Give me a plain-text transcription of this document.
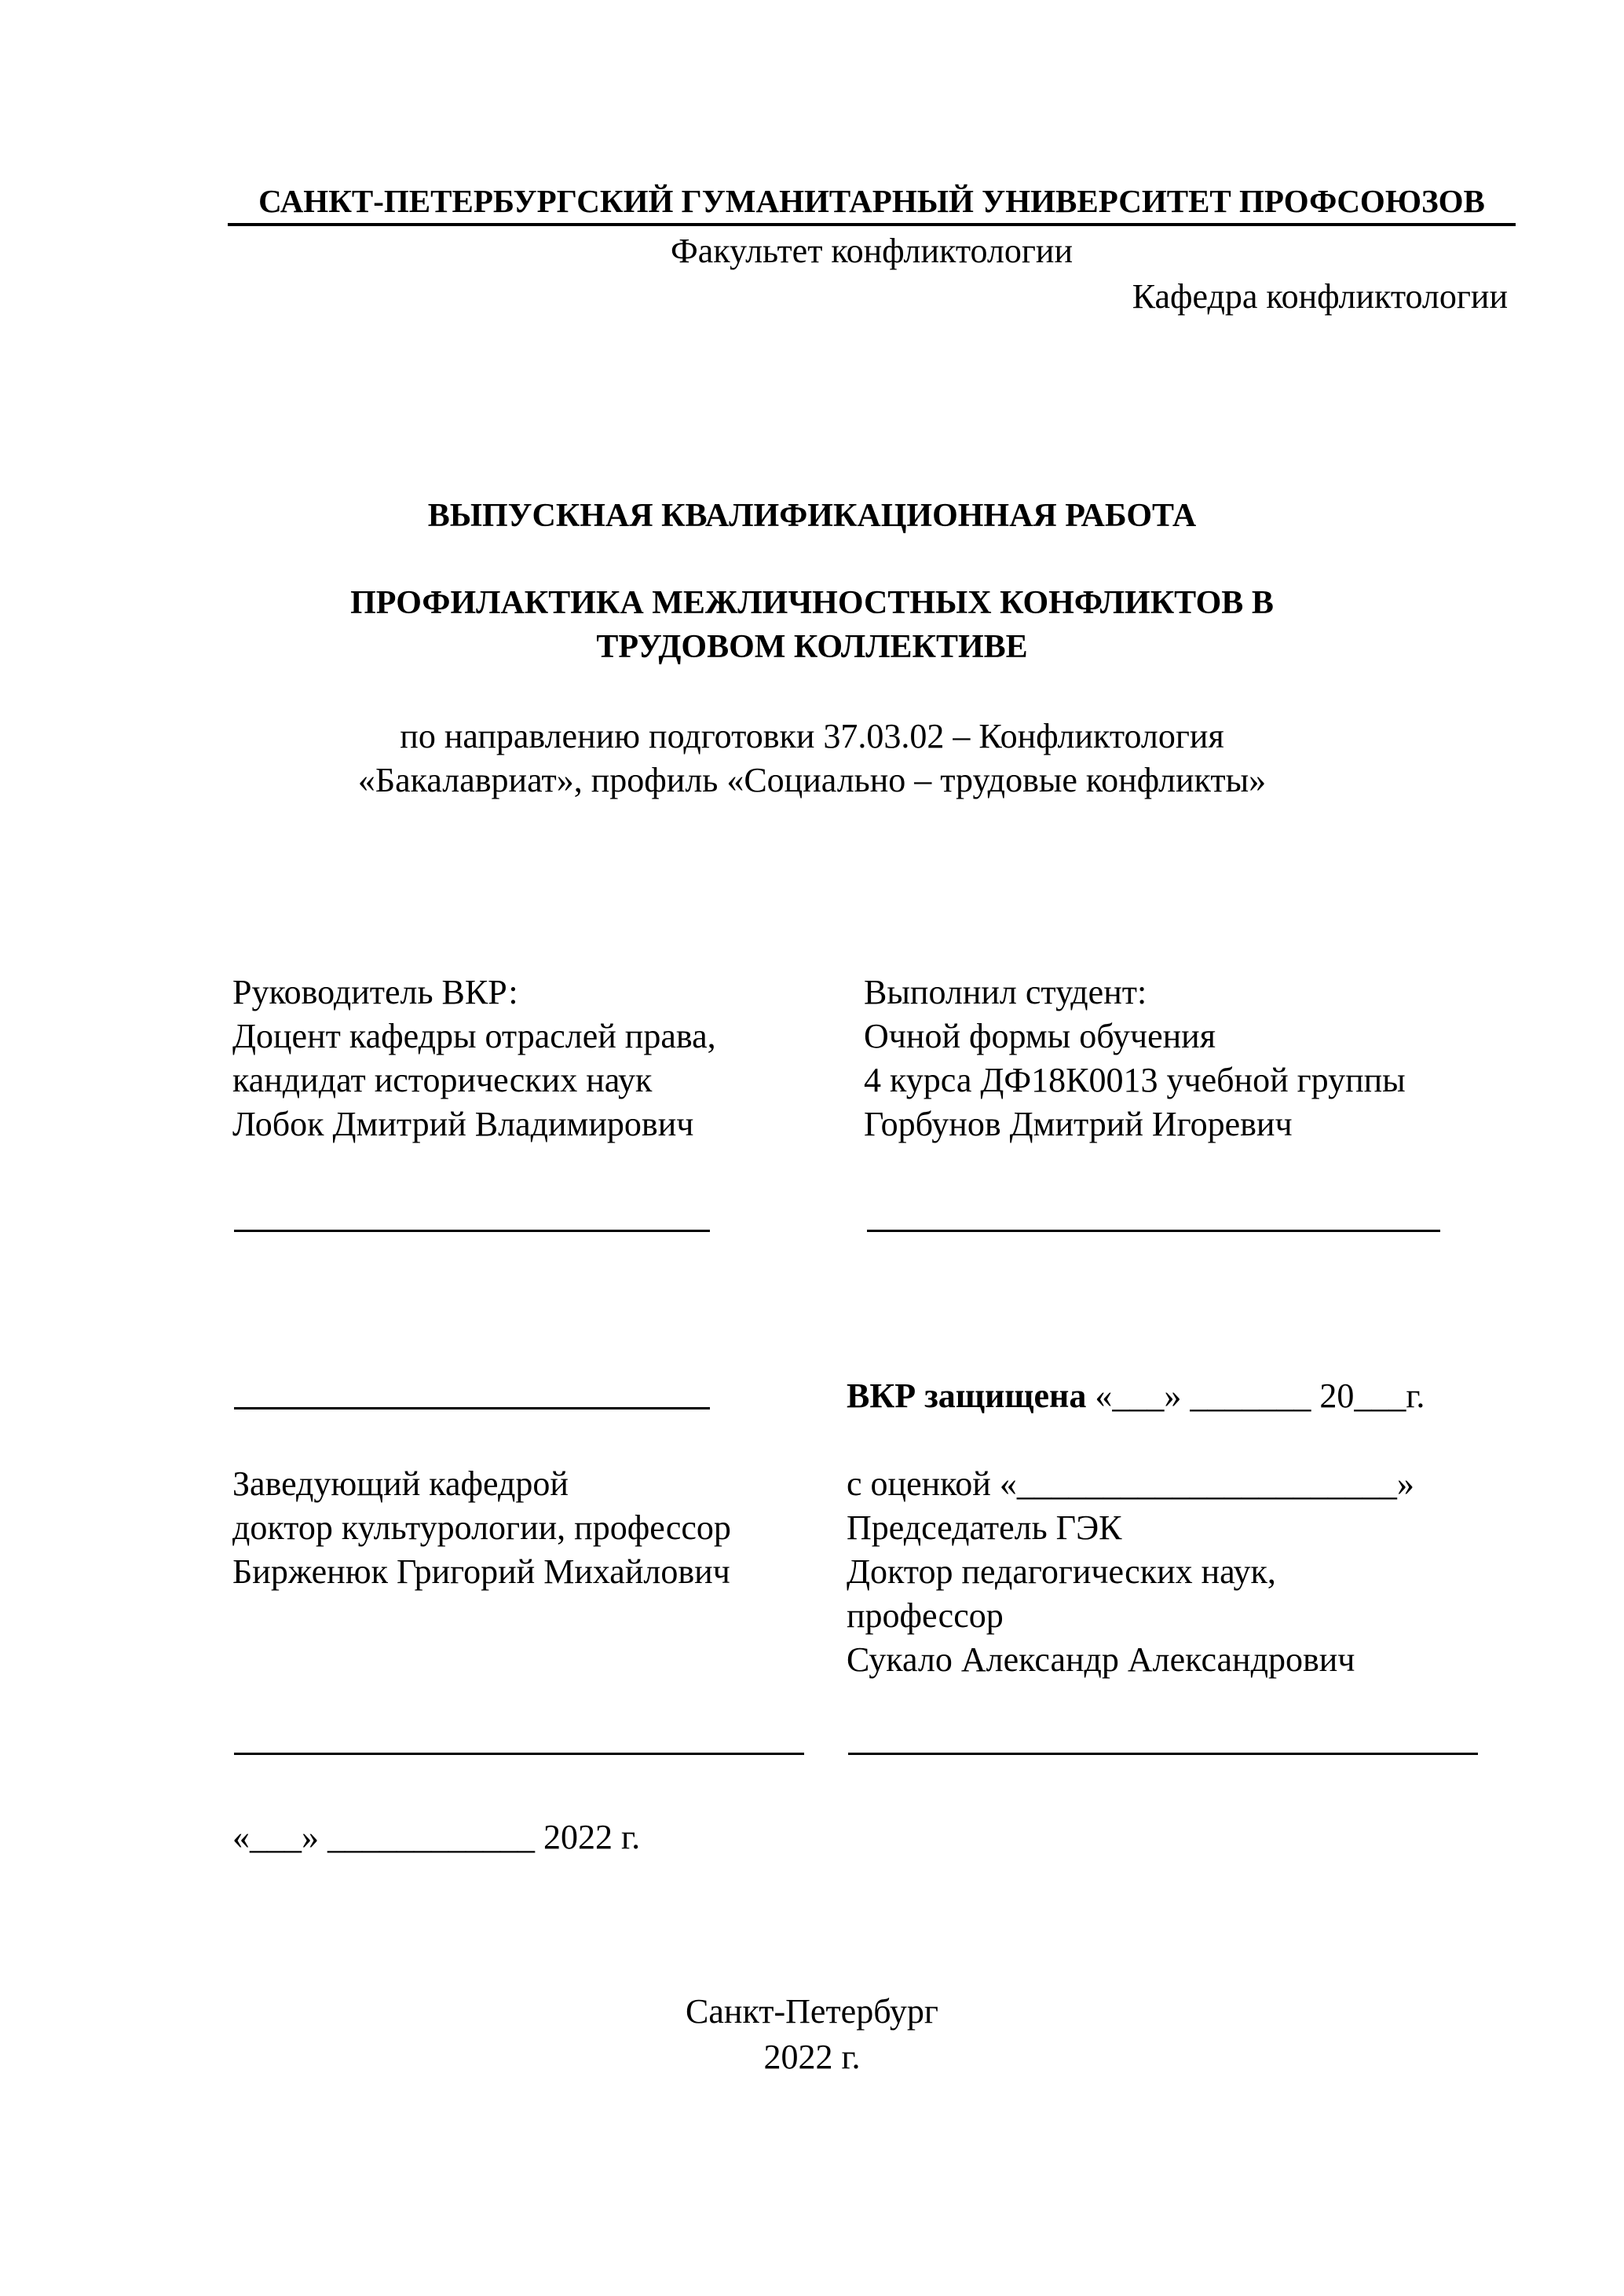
САНКТ-ПЕТЕРБУРГСКИЙ ГУМАНИТАРНЫЙ УНИВЕРСИТЕТ ПРОФСОЮЗОВ
Факультет конфликтологии
Кафедра конфликтологии
ВЫПУСКНАЯ КВАЛИФИКАЦИОННАЯ РАБОТА
ПРОФИЛАКТИКА МЕЖЛИЧНОСТНЫХ КОНФЛИКТОВ В
ТРУДОВОМ КОЛЛЕКТИВЕ
по направлению подготовки 37.03.02 – Конфликтология
«Бакалавриат», профиль «Социально – трудовые конфликты»
Руководитель ВКР:
Доцент кафедры отраслей права,
кандидат исторических наук
Лобок Дмитрий Владимирович
Выполнил студент:
Очной формы обучения
4 курса ДФ18К0013 учебной группы
Горбунов Дмитрий Игоревич
ВКР защищена «___» _______ 20___г.
Заведующий кафедрой
доктор культурологии, профессор
Бирженюк Григорий Михайлович
с оценкой «______________________»
Председатель ГЭК
Доктор педагогических наук,
профессор
Сукало Александр Александрович
«___» ____________ 2022 г.
Санкт-Петербург
2022 г.
